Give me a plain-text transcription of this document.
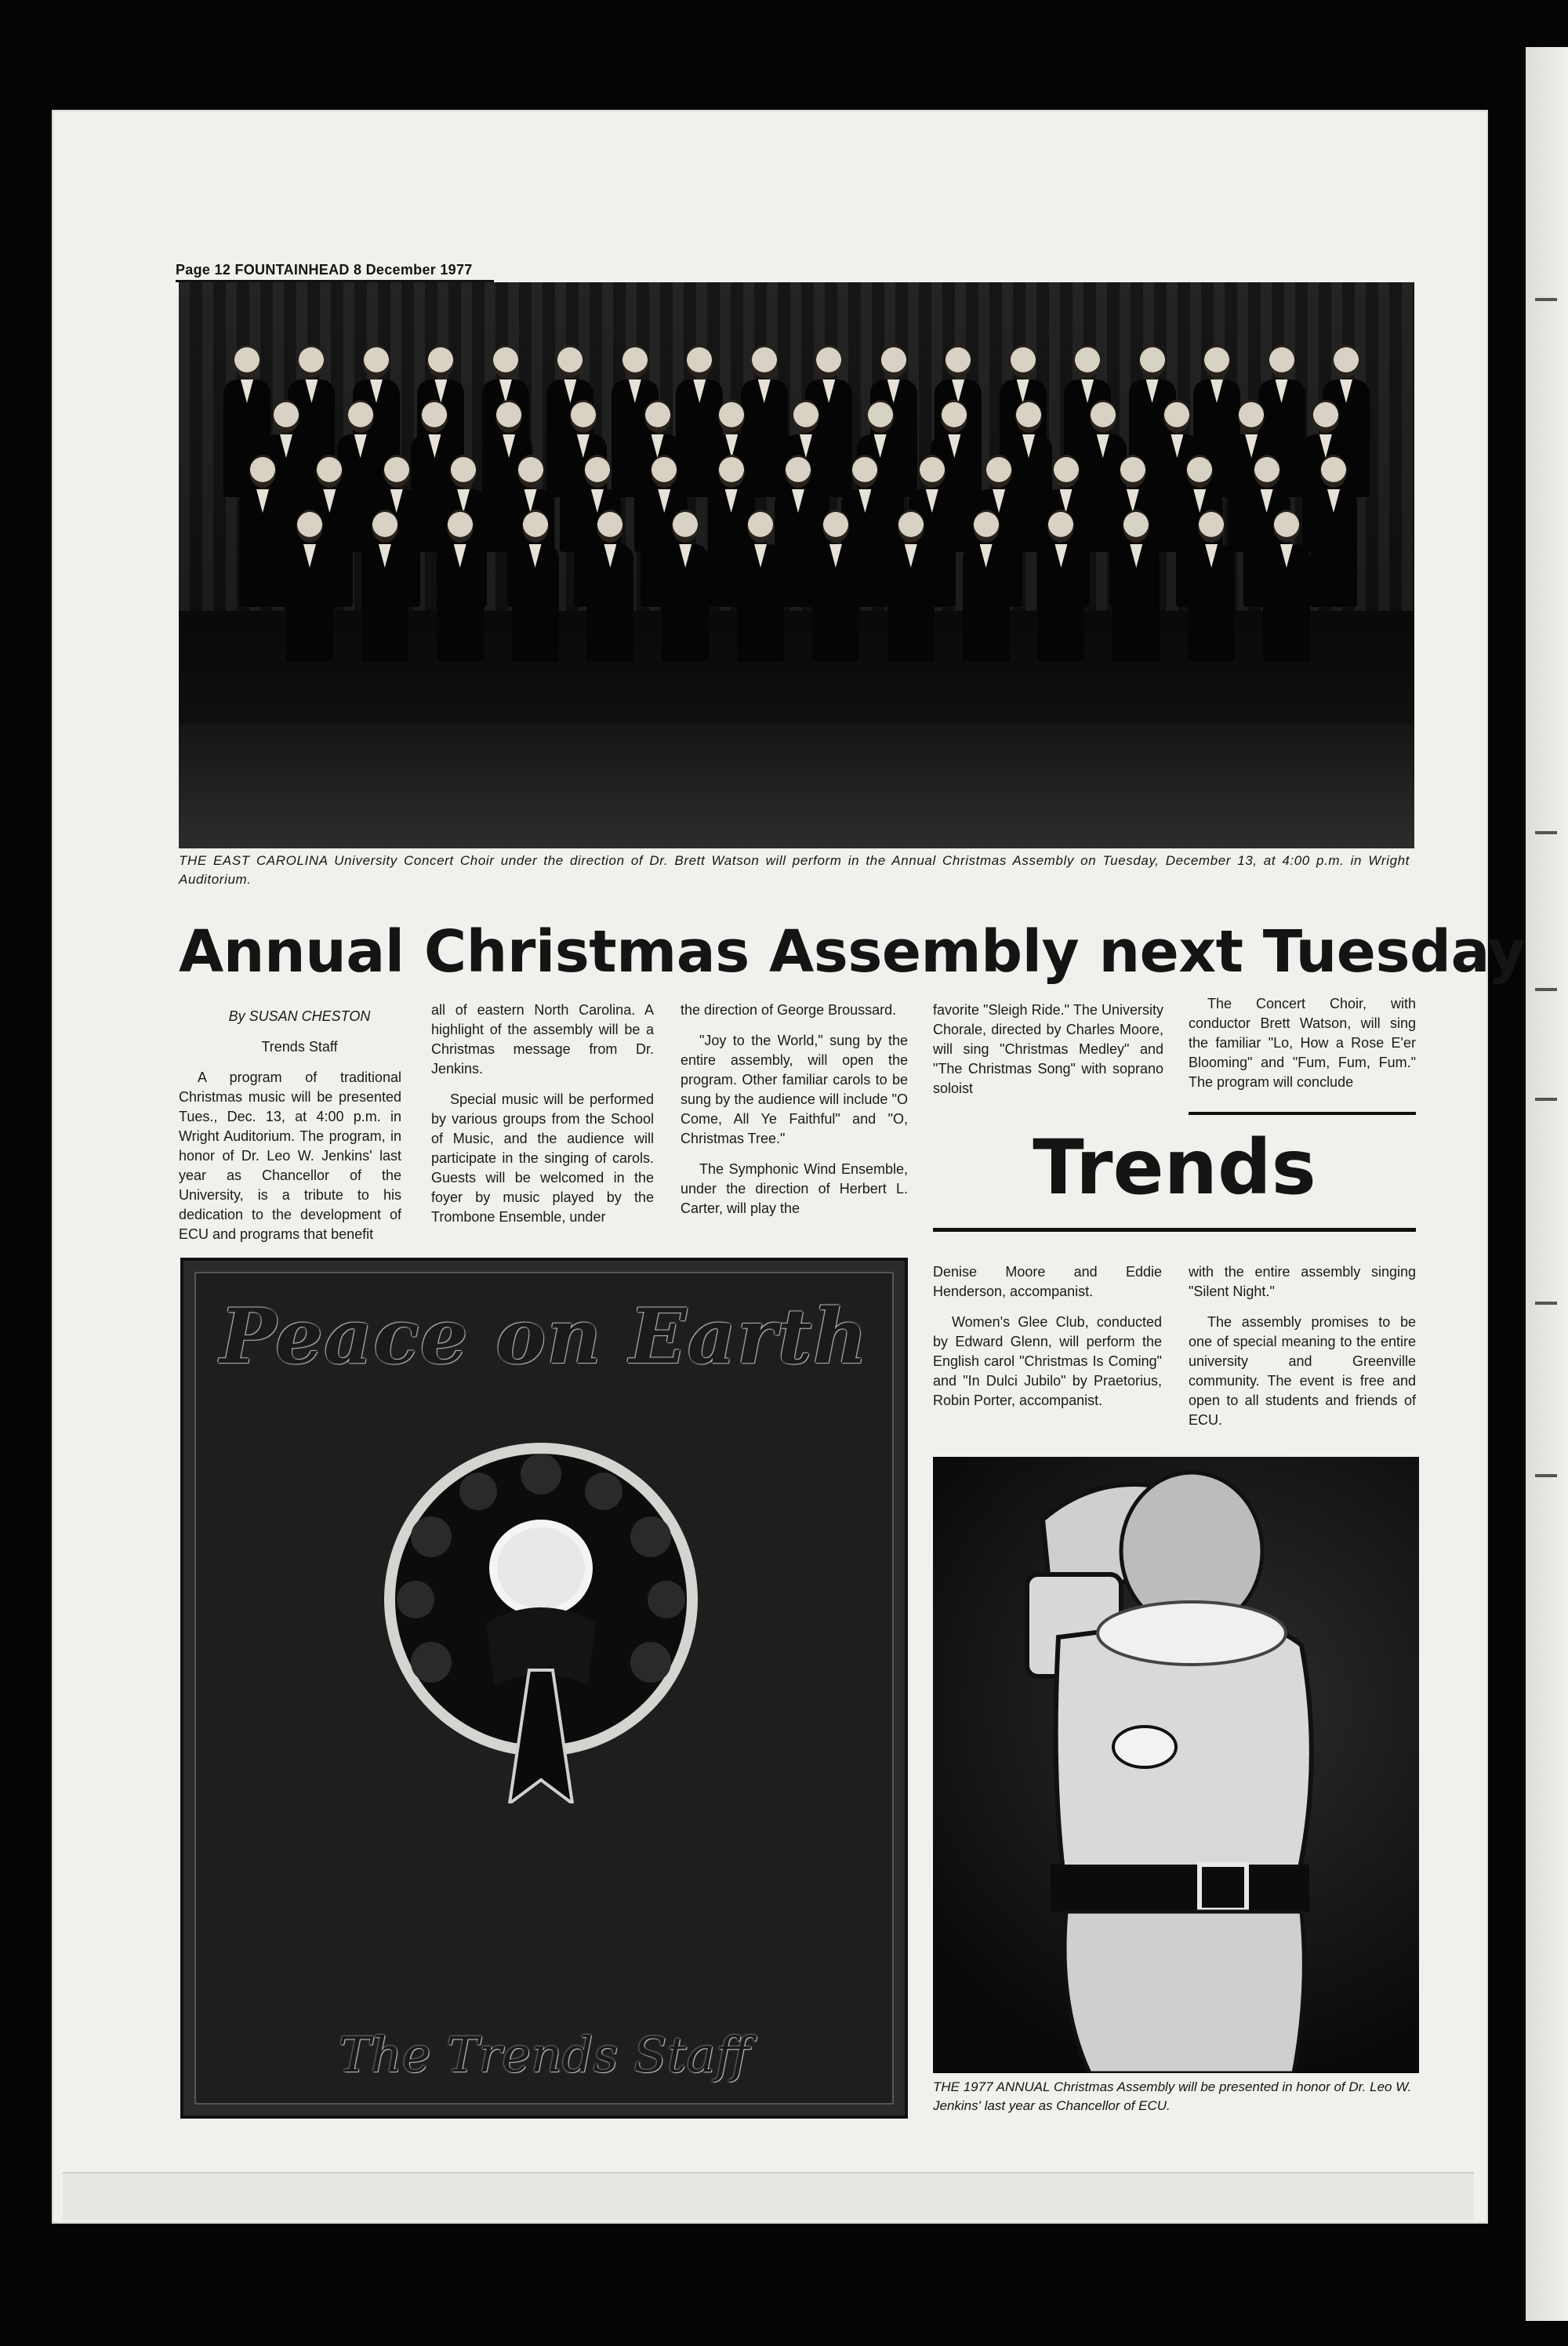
Page 12 FOUNTAINHEAD 8 December 1977
THE EAST CAROLINA University Concert Choir under the direction of Dr. Brett Watson will perform in the Annual Christmas Assembly on Tuesday, December 13, at 4:00 p.m. in Wright Auditorium.
Annual Christmas Assembly next Tuesday

By SUSAN CHESTON

Trends Staff

A program of traditional Christmas music will be presented Tues., Dec. 13, at 4:00 p.m. in Wright Auditorium. The program, in honor of Dr. Leo W. Jenkins' last year as Chancellor of the University, is a tribute to his dedication to the development of ECU and programs that benefit

all of eastern North Carolina. A highlight of the assembly will be a Christmas message from Dr. Jenkins.

Special music will be performed by various groups from the School of Music, and the audience will participate in the singing of carols. Guests will be welcomed in the foyer by music played by the Trombone Ensemble, under

the direction of George Broussard.

"Joy to the World," sung by the entire assembly, will open the program. Other familiar carols to be sung by the audience will include "O Come, All Ye Faithful" and "O, Christmas Tree."

The Symphonic Wind Ensemble, under the direction of Herbert L. Carter, will play the

favorite "Sleigh Ride." The University Chorale, directed by Charles Moore, will sing "Christmas Medley" and "The Christmas Song" with soprano soloist

The Concert Choir, with conductor Brett Watson, will sing the familiar "Lo, How a Rose E'er Blooming" and "Fum, Fum, Fum." The program will conclude

Trends

Denise Moore and Eddie Henderson, accompanist.

Women's Glee Club, conducted by Edward Glenn, will perform the English carol "Christmas Is Coming" and "In Dulci Jubilo" by Praetorius, Robin Porter, accompanist.

with the entire assembly singing "Silent Night."

The assembly promises to be one of special meaning to the entire university and Greenville community. The event is free and open to all students and friends of ECU.

Peace on Earth
The Trends Staff
THE 1977 ANNUAL Christmas Assembly will be presented in honor of Dr. Leo W. Jenkins' last year as Chancellor of ECU.
